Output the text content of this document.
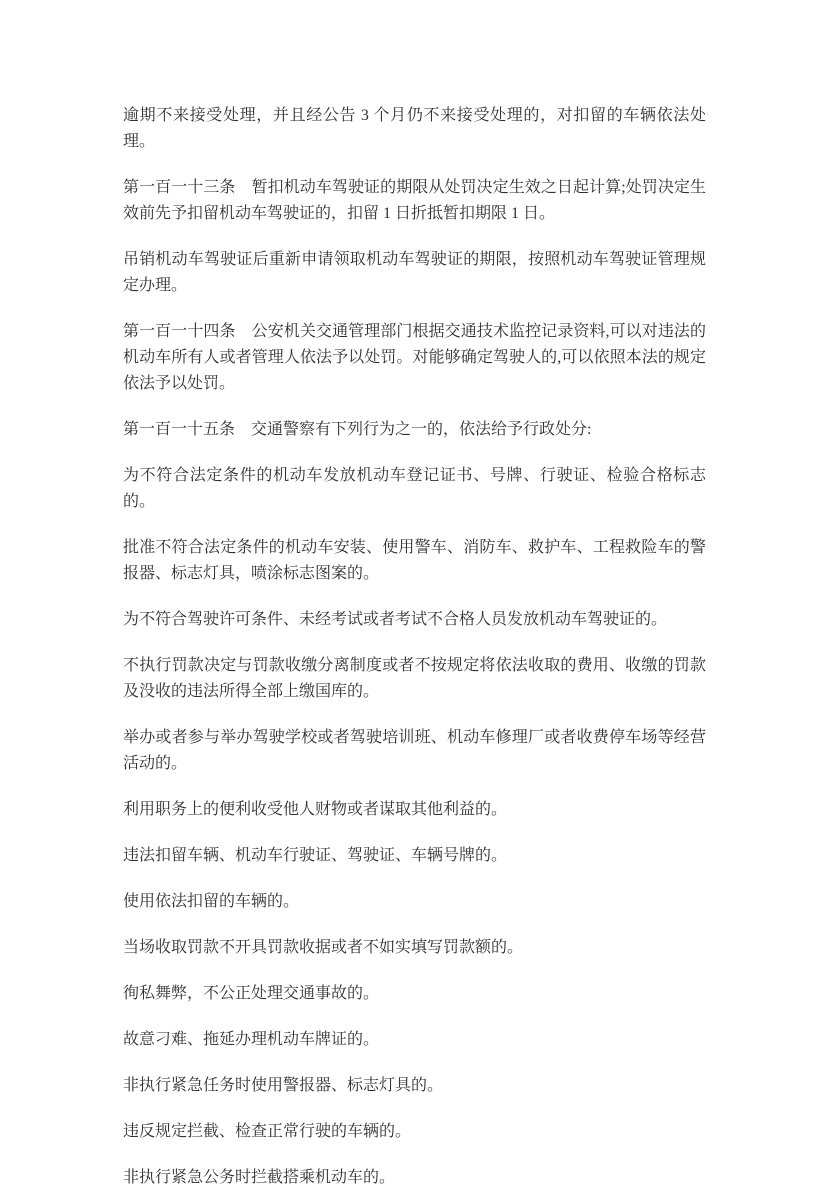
逾期不来接受处理，并且经公告 3 个月仍不来接受处理的，对扣留的车辆依法处理。

第一百一十三条　暂扣机动车驾驶证的期限从处罚决定生效之日起计算;处罚决定生效前先予扣留机动车驾驶证的，扣留 1 日折抵暂扣期限 1 日。

吊销机动车驾驶证后重新申请领取机动车驾驶证的期限，按照机动车驾驶证管理规定办理。

第一百一十四条　公安机关交通管理部门根据交通技术监控记录资料,可以对违法的机动车所有人或者管理人依法予以处罚。对能够确定驾驶人的,可以依照本法的规定依法予以处罚。

第一百一十五条　交通警察有下列行为之一的，依法给予行政处分:

为不符合法定条件的机动车发放机动车登记证书、号牌、行驶证、检验合格标志的。

批准不符合法定条件的机动车安装、使用警车、消防车、救护车、工程救险车的警报器、标志灯具，喷涂标志图案的。

为不符合驾驶许可条件、未经考试或者考试不合格人员发放机动车驾驶证的。

不执行罚款决定与罚款收缴分离制度或者不按规定将依法收取的费用、收缴的罚款及没收的违法所得全部上缴国库的。

举办或者参与举办驾驶学校或者驾驶培训班、机动车修理厂或者收费停车场等经营活动的。

利用职务上的便利收受他人财物或者谋取其他利益的。

违法扣留车辆、机动车行驶证、驾驶证、车辆号牌的。

使用依法扣留的车辆的。

当场收取罚款不开具罚款收据或者不如实填写罚款额的。

徇私舞弊，不公正处理交通事故的。

故意刁难、拖延办理机动车牌证的。

非执行紧急任务时使用警报器、标志灯具的。

违反规定拦截、检查正常行驶的车辆的。

非执行紧急公务时拦截搭乘机动车的。
